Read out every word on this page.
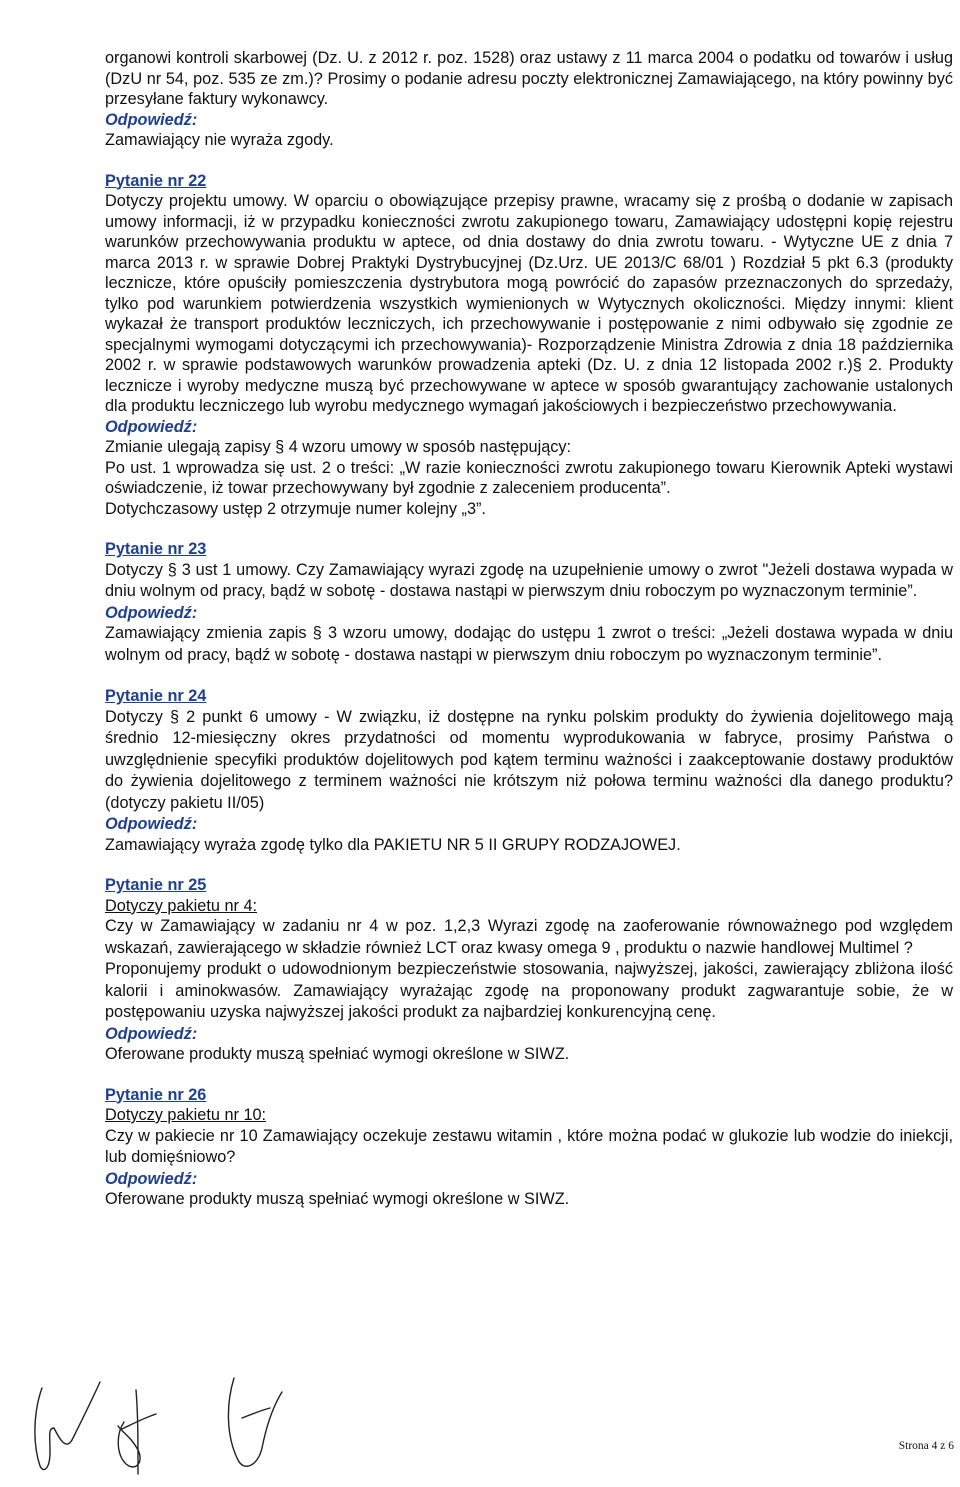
organowi kontroli skarbowej (Dz. U. z 2012 r. poz. 1528) oraz ustawy z 11 marca 2004 o podatku od towarów i usług (DzU nr 54, poz. 535 ze zm.)? Prosimy o podanie adresu poczty elektronicznej Zamawiającego, na który powinny być przesyłane faktury wykonawcy.

Odpowiedź:

Zamawiający nie wyraża zgody.

Pytanie nr 22

Dotyczy projektu umowy. W oparciu o obowiązujące przepisy prawne, wracamy się z prośbą o dodanie w zapisach umowy informacji, iż w przypadku konieczności zwrotu zakupionego towaru, Zamawiający udostępni kopię rejestru warunków przechowywania produktu w aptece, od dnia dostawy do dnia zwrotu towaru. - Wytyczne UE z dnia 7 marca 2013 r. w sprawie Dobrej Praktyki Dystrybucyjnej (Dz.Urz. UE 2013/C 68/01 ) Rozdział 5 pkt 6.3 (produkty lecznicze, które opuściły pomieszczenia dystrybutora mogą powrócić do zapasów przeznaczonych do sprzedaży, tylko pod warunkiem potwierdzenia wszystkich wymienionych w Wytycznych okoliczności. Między innymi: klient wykazał że transport produktów leczniczych, ich przechowywanie i postępowanie z nimi odbywało się zgodnie ze specjalnymi wymogami dotyczącymi ich przechowywania)- Rozporządzenie Ministra Zdrowia z dnia 18 października 2002 r. w sprawie podstawowych warunków prowadzenia apteki (Dz. U. z dnia 12 listopada 2002 r.)§ 2. Produkty lecznicze i wyroby medyczne muszą być przechowywane w aptece w sposób gwarantujący zachowanie ustalonych dla produktu leczniczego lub wyrobu medycznego wymagań jakościowych i bezpieczeństwo przechowywania.

Odpowiedź:

Zmianie ulegają zapisy § 4 wzoru umowy w sposób następujący:

Po ust. 1 wprowadza się ust. 2 o treści: „W razie konieczności zwrotu zakupionego towaru Kierownik Apteki wystawi oświadczenie, iż towar przechowywany był zgodnie z zaleceniem producenta”.

Dotychczasowy ustęp 2 otrzymuje numer kolejny „3”.

Pytanie nr 23

Dotyczy § 3 ust 1 umowy. Czy Zamawiający wyrazi zgodę na uzupełnienie umowy o zwrot "Jeżeli dostawa wypada w dniu wolnym od pracy, bądź w sobotę - dostawa nastąpi w pierwszym dniu roboczym po wyznaczonym terminie”.

Odpowiedź:

Zamawiający zmienia zapis § 3 wzoru umowy, dodając do ustępu 1 zwrot o treści: „Jeżeli dostawa wypada w dniu wolnym od pracy, bądź w sobotę - dostawa nastąpi w pierwszym dniu roboczym po wyznaczonym terminie”.

Pytanie nr 24

Dotyczy § 2 punkt 6 umowy - W związku, iż dostępne na rynku polskim produkty do żywienia dojelitowego mają średnio 12-miesięczny okres przydatności od momentu wyprodukowania w fabryce, prosimy Państwa o uwzględnienie specyfiki produktów dojelitowych pod kątem terminu ważności i zaakceptowanie dostawy produktów do żywienia dojelitowego z terminem ważności nie krótszym niż połowa terminu ważności dla danego produktu? (dotyczy pakietu II/05)

Odpowiedź:

Zamawiający wyraża zgodę tylko dla PAKIETU NR 5 II GRUPY RODZAJOWEJ.

Pytanie nr 25

Dotyczy pakietu nr 4:

Czy w Zamawiający w zadaniu nr 4 w poz. 1,2,3 Wyrazi zgodę na zaoferowanie równoważnego pod względem wskazań, zawierającego w składzie również LCT oraz kwasy omega 9 , produktu o nazwie handlowej Multimel ?

Proponujemy produkt o udowodnionym bezpieczeństwie stosowania, najwyższej, jakości, zawierający zbliżona ilość kalorii i aminokwasów. Zamawiający wyrażając zgodę na proponowany produkt zagwarantuje sobie, że w postępowaniu uzyska najwyższej jakości produkt za najbardziej konkurencyjną cenę.

Odpowiedź:

Oferowane produkty muszą spełniać wymogi określone w SIWZ.

Pytanie nr 26

Dotyczy pakietu nr 10:

Czy w pakiecie nr 10 Zamawiający oczekuje zestawu witamin , które można podać w glukozie lub wodzie do iniekcji, lub domięśniowo?

Odpowiedź:

Oferowane produkty muszą spełniać wymogi określone w SIWZ.

Strona 4 z 6
